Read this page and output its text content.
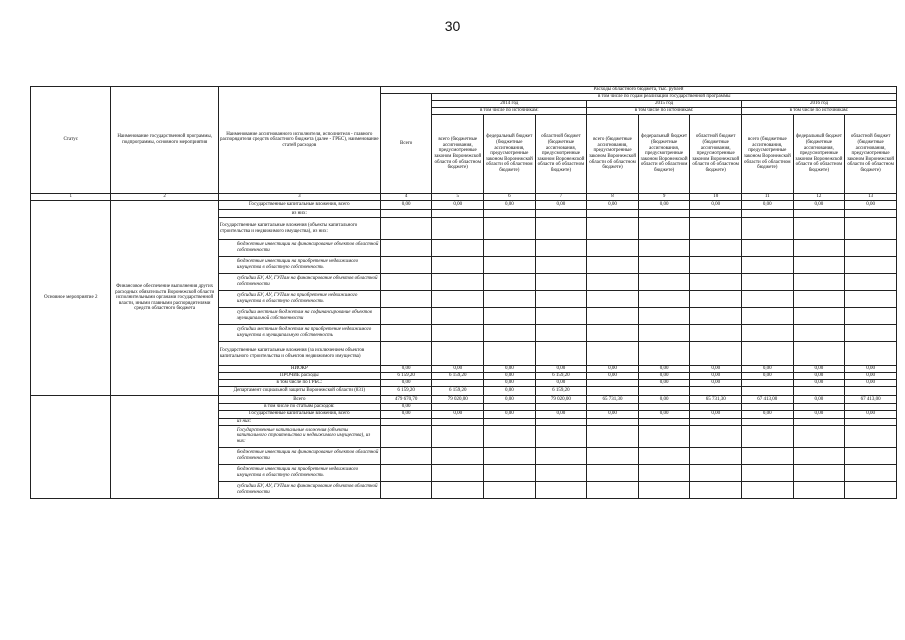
30
Статус	Наименование государственной программы, подпрограммы, основного мероприятия	Наименование ассигнованного исполнителя, исполнителя - главного распорядителя средств областного бюджета (далее - ГРБС), наименование статей расходов	Расходы областного бюджета, тыс. рублей									
			Всего	в том числе по годам реализации государственной программы								
				2014 год			2015 год			2016 год		
				в том числе по источникам:			в том числе по источникам:			в том числе по источникам:		
				всего (бюджетные ассигнования, предусмотренные законом Воронежской области об областном бюджете)	федеральный бюджет (бюджетные ассигнования, предусмотренные законом Воронежской области об областном бюджете)	областной бюджет (бюджетные ассигнования, предусмотренные законом Воронежской области об областном бюджете)	всего (бюджетные ассигнования, предусмотренные законом Воронежской области об областном бюджете)	федеральный бюджет (бюджетные ассигнования, предусмотренные законом Воронежской области об областном бюджете)	областной бюджет (бюджетные ассигнования, предусмотренные законом Воронежской области об областном бюджете)	всего (бюджетные ассигнования, предусмотренные законом Воронежской области об областном бюджете)	федеральный бюджет (бюджетные ассигнования, предусмотренные законом Воронежской области об областном бюджете)	областной бюджет (бюджетные ассигнования, предусмотренные законом Воронежской области об областном бюджете)
1	2	3	4	5	6	7	8	9	10	11	12	13
Основное мероприятие 2	Финансовое обеспечение выполнения других расходных обязательств Воронежской области исполнительными органами государственной власти, иными главными распорядителями средств областного бюджета	Государственные капитальные вложения, всего	0,00	0,00	0,00	0,00	0,00	0,00	0,00	0,00	0,00	0,00
		из них:										
		Государственные капитальные вложения (объекты капитального строительства и недвижимого имущества), из них:										
		бюджетные инвестиции на финансирование объектов областной собственности										
		бюджетные инвестиции на приобретение недвижимого имущества в областную собственность										
		субсидии БУ, АУ, ГУПам на финансирование объектов областной собственности										
		субсидии БУ, АУ, ГУПам на приобретение недвижимого имущества в областную собственность										
		субсидии местным бюджетам на софинансирование объектов муниципальной собственности										
		субсидии местным бюджетам на приобретение недвижимого имущества в муниципальную собственность										
		Государственные капитальные вложения (за исключением объектов капитального строительства и объектов недвижимого имущества)										
		НИОКР	0,00	0,00	0,00	0,00	0,00	0,00	0,00	0,00	0,00	0,00
		ПРОЧИЕ расходы	6 159,20	6 159,20	0,00	6 159,20	0,00	0,00	0,00	0,00	0,00	0,00
		в том числе по ГРБС:	0,00		0,00	0,00		0,00	0,00		0,00	0,00
		Департамент социальной защиты Воронежской области (831)	6 159,20	6 159,20	0,00	6 159,20						
		Всего	479 670,70	79 020,00	0,00	79 020,00	65 731,30	0,00	65 731,30	67 413,00	0,00	67 413,00
		в том числе по статьям расходов:	0,00									
		Государственные капитальные вложения, всего	0,00	0,00	0,00	0,00	0,00	0,00	0,00	0,00	0,00	0,00
		из них:										
		Государственные капитальные вложения (объекты капитального строительства и недвижимого имущества), из них:										
		бюджетные инвестиции на финансирование объектов областной собственности										
		бюджетные инвестиции на приобретение недвижимого имущества в областную собственность										
		субсидии БУ, АУ, ГУПам на финансирование объектов областной собственности										
